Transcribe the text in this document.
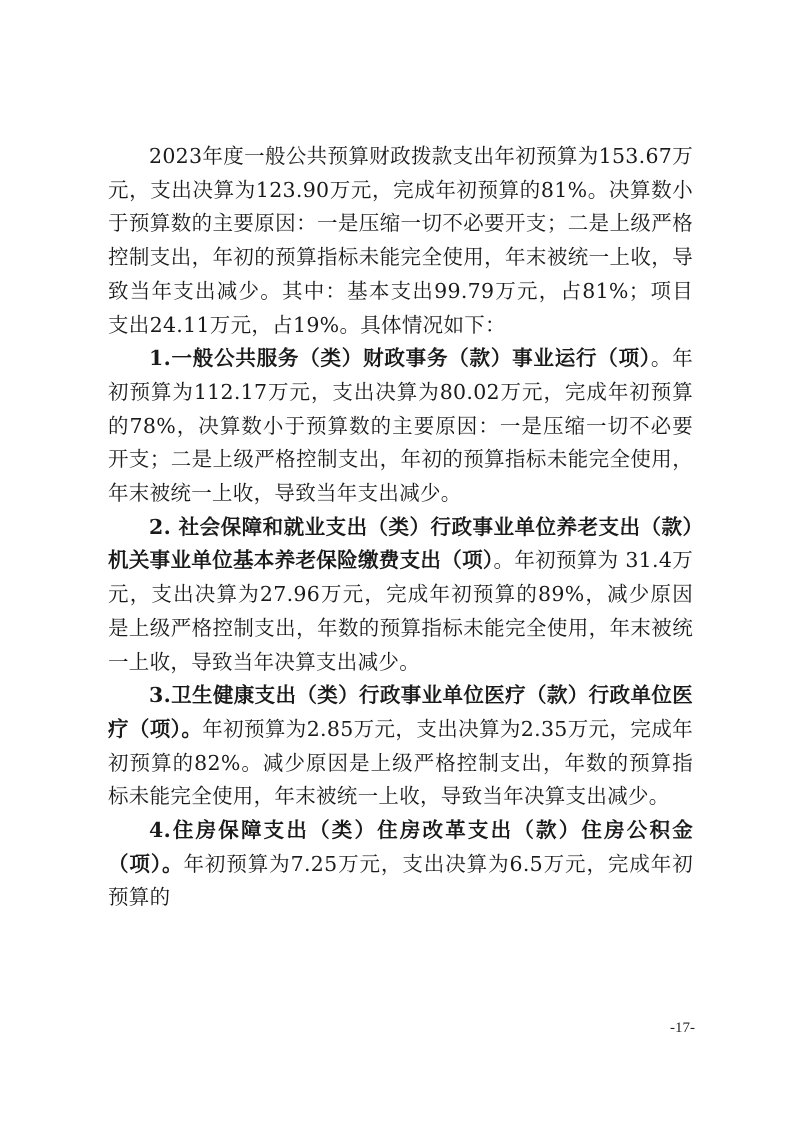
2023年度一般公共预算财政拨款支出年初预算为153.67万元，支出决算为123.90万元，完成年初预算的81%。决算数小于预算数的主要原因：一是压缩一切不必要开支；二是上级严格控制支出，年初的预算指标未能完全使用，年末被统一上收，导致当年支出减少。其中：基本支出99.79万元，占81%；项目支出24.11万元，占19%。具体情况如下：

1.一般公共服务（类）财政事务（款）事业运行（项）。年初预算为112.17万元，支出决算为80.02万元，完成年初预算的78%，决算数小于预算数的主要原因：一是压缩一切不必要开支；二是上级严格控制支出，年初的预算指标未能完全使用，年末被统一上收，导致当年支出减少。

2. 社会保障和就业支出（类）行政事业单位养老支出（款）机关事业单位基本养老保险缴费支出（项）。年初预算为 31.4万元，支出决算为27.96万元，完成年初预算的89%，减少原因是上级严格控制支出，年数的预算指标未能完全使用，年末被统一上收，导致当年决算支出减少。

3.卫生健康支出（类）行政事业单位医疗（款）行政单位医疗（项）。年初预算为2.85万元，支出决算为2.35万元，完成年初预算的82%。减少原因是上级严格控制支出，年数的预算指标未能完全使用，年末被统一上收，导致当年决算支出减少。

4.住房保障支出（类）住房改革支出（款）住房公积金（项）。年初预算为7.25万元，支出决算为6.5万元，完成年初预算的

-17-
